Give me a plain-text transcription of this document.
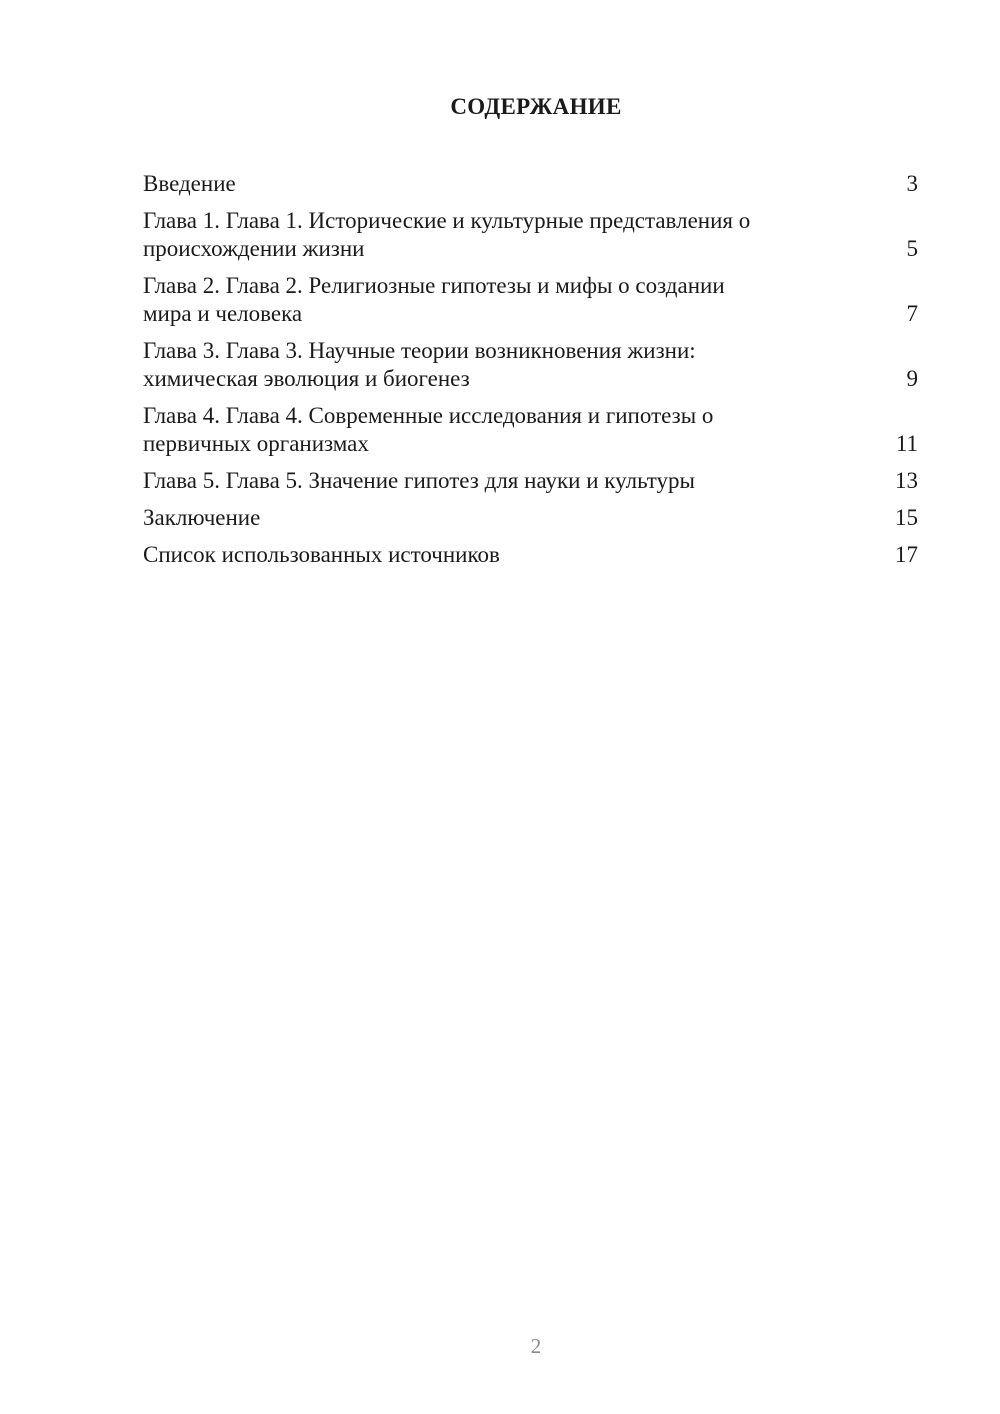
СОДЕРЖАНИЕ
Введение	3
Глава 1. Глава 1. Исторические и культурные представления о
происхождении жизни	5
Глава 2. Глава 2. Религиозные гипотезы и мифы о создании
мира и человека	7
Глава 3. Глава 3. Научные теории возникновения жизни:
химическая эволюция и биогенез	9
Глава 4. Глава 4. Современные исследования и гипотезы о
первичных организмах	11
Глава 5. Глава 5. Значение гипотез для науки и культуры	13
Заключение	15
Список использованных источников	17
2
